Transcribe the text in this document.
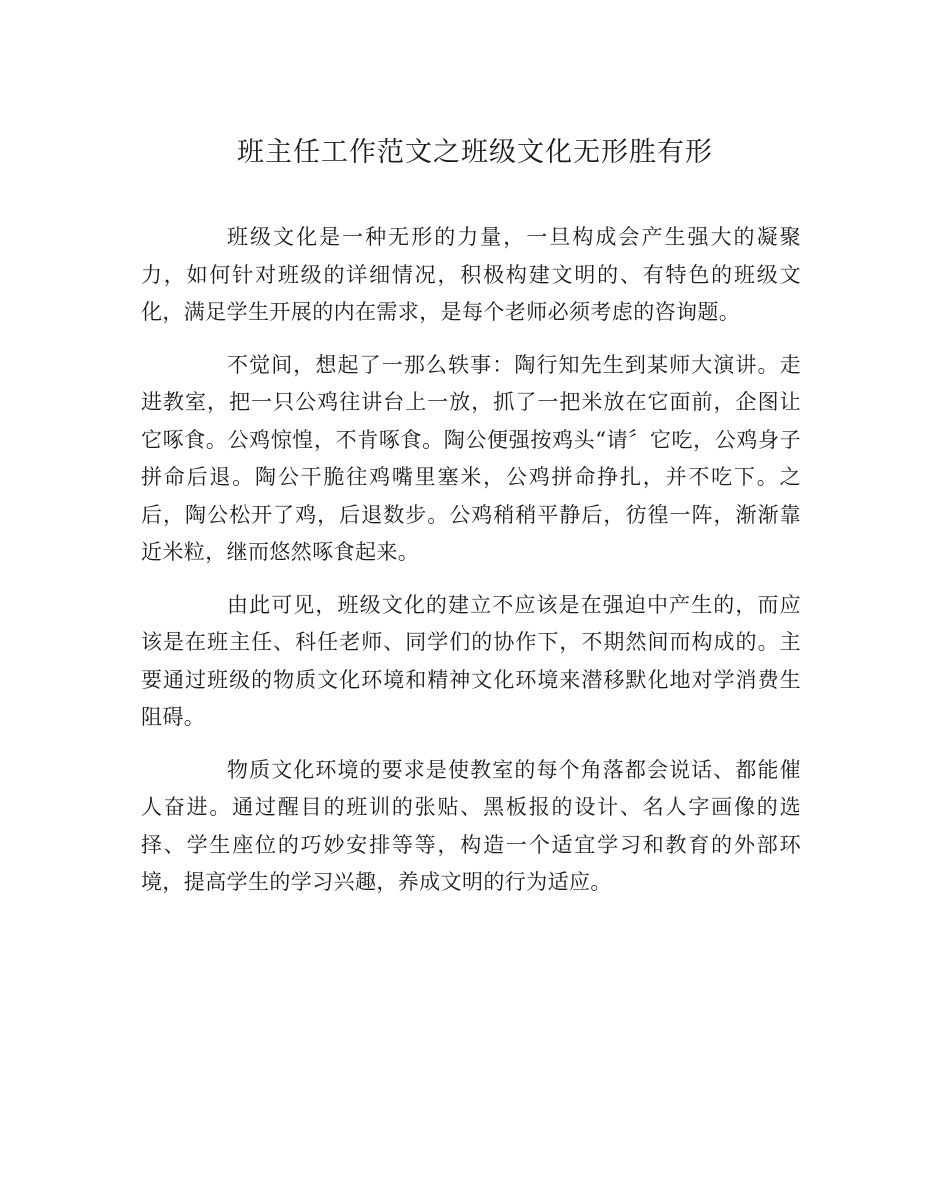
班主任工作范文之班级文化无形胜有形

班级文化是一种无形的力量，一旦构成会产生强大的凝聚力，如何针对班级的详细情况，积极构建文明的、有特色的班级文化，满足学生开展的内在需求，是每个老师必须考虑的咨询题。

不觉间，想起了一那么轶事：陶行知先生到某师大演讲。走进教室，把一只公鸡往讲台上一放，抓了一把米放在它面前，企图让它啄食。公鸡惊惶，不肯啄食。陶公便强按鸡头“请〞它吃，公鸡身子拼命后退。陶公干脆往鸡嘴里塞米，公鸡拼命挣扎，并不吃下。之后，陶公松开了鸡，后退数步。公鸡稍稍平静后，彷徨一阵，渐渐靠近米粒，继而悠然啄食起来。

由此可见，班级文化的建立不应该是在强迫中产生的，而应该是在班主任、科任老师、同学们的协作下，不期然间而构成的。主要通过班级的物质文化环境和精神文化环境来潜移默化地对学消费生阻碍。

物质文化环境的要求是使教室的每个角落都会说话、都能催人奋进。通过醒目的班训的张贴、黑板报的设计、名人字画像的选择、学生座位的巧妙安排等等，构造一个适宜学习和教育的外部环境，提高学生的学习兴趣，养成文明的行为适应。
